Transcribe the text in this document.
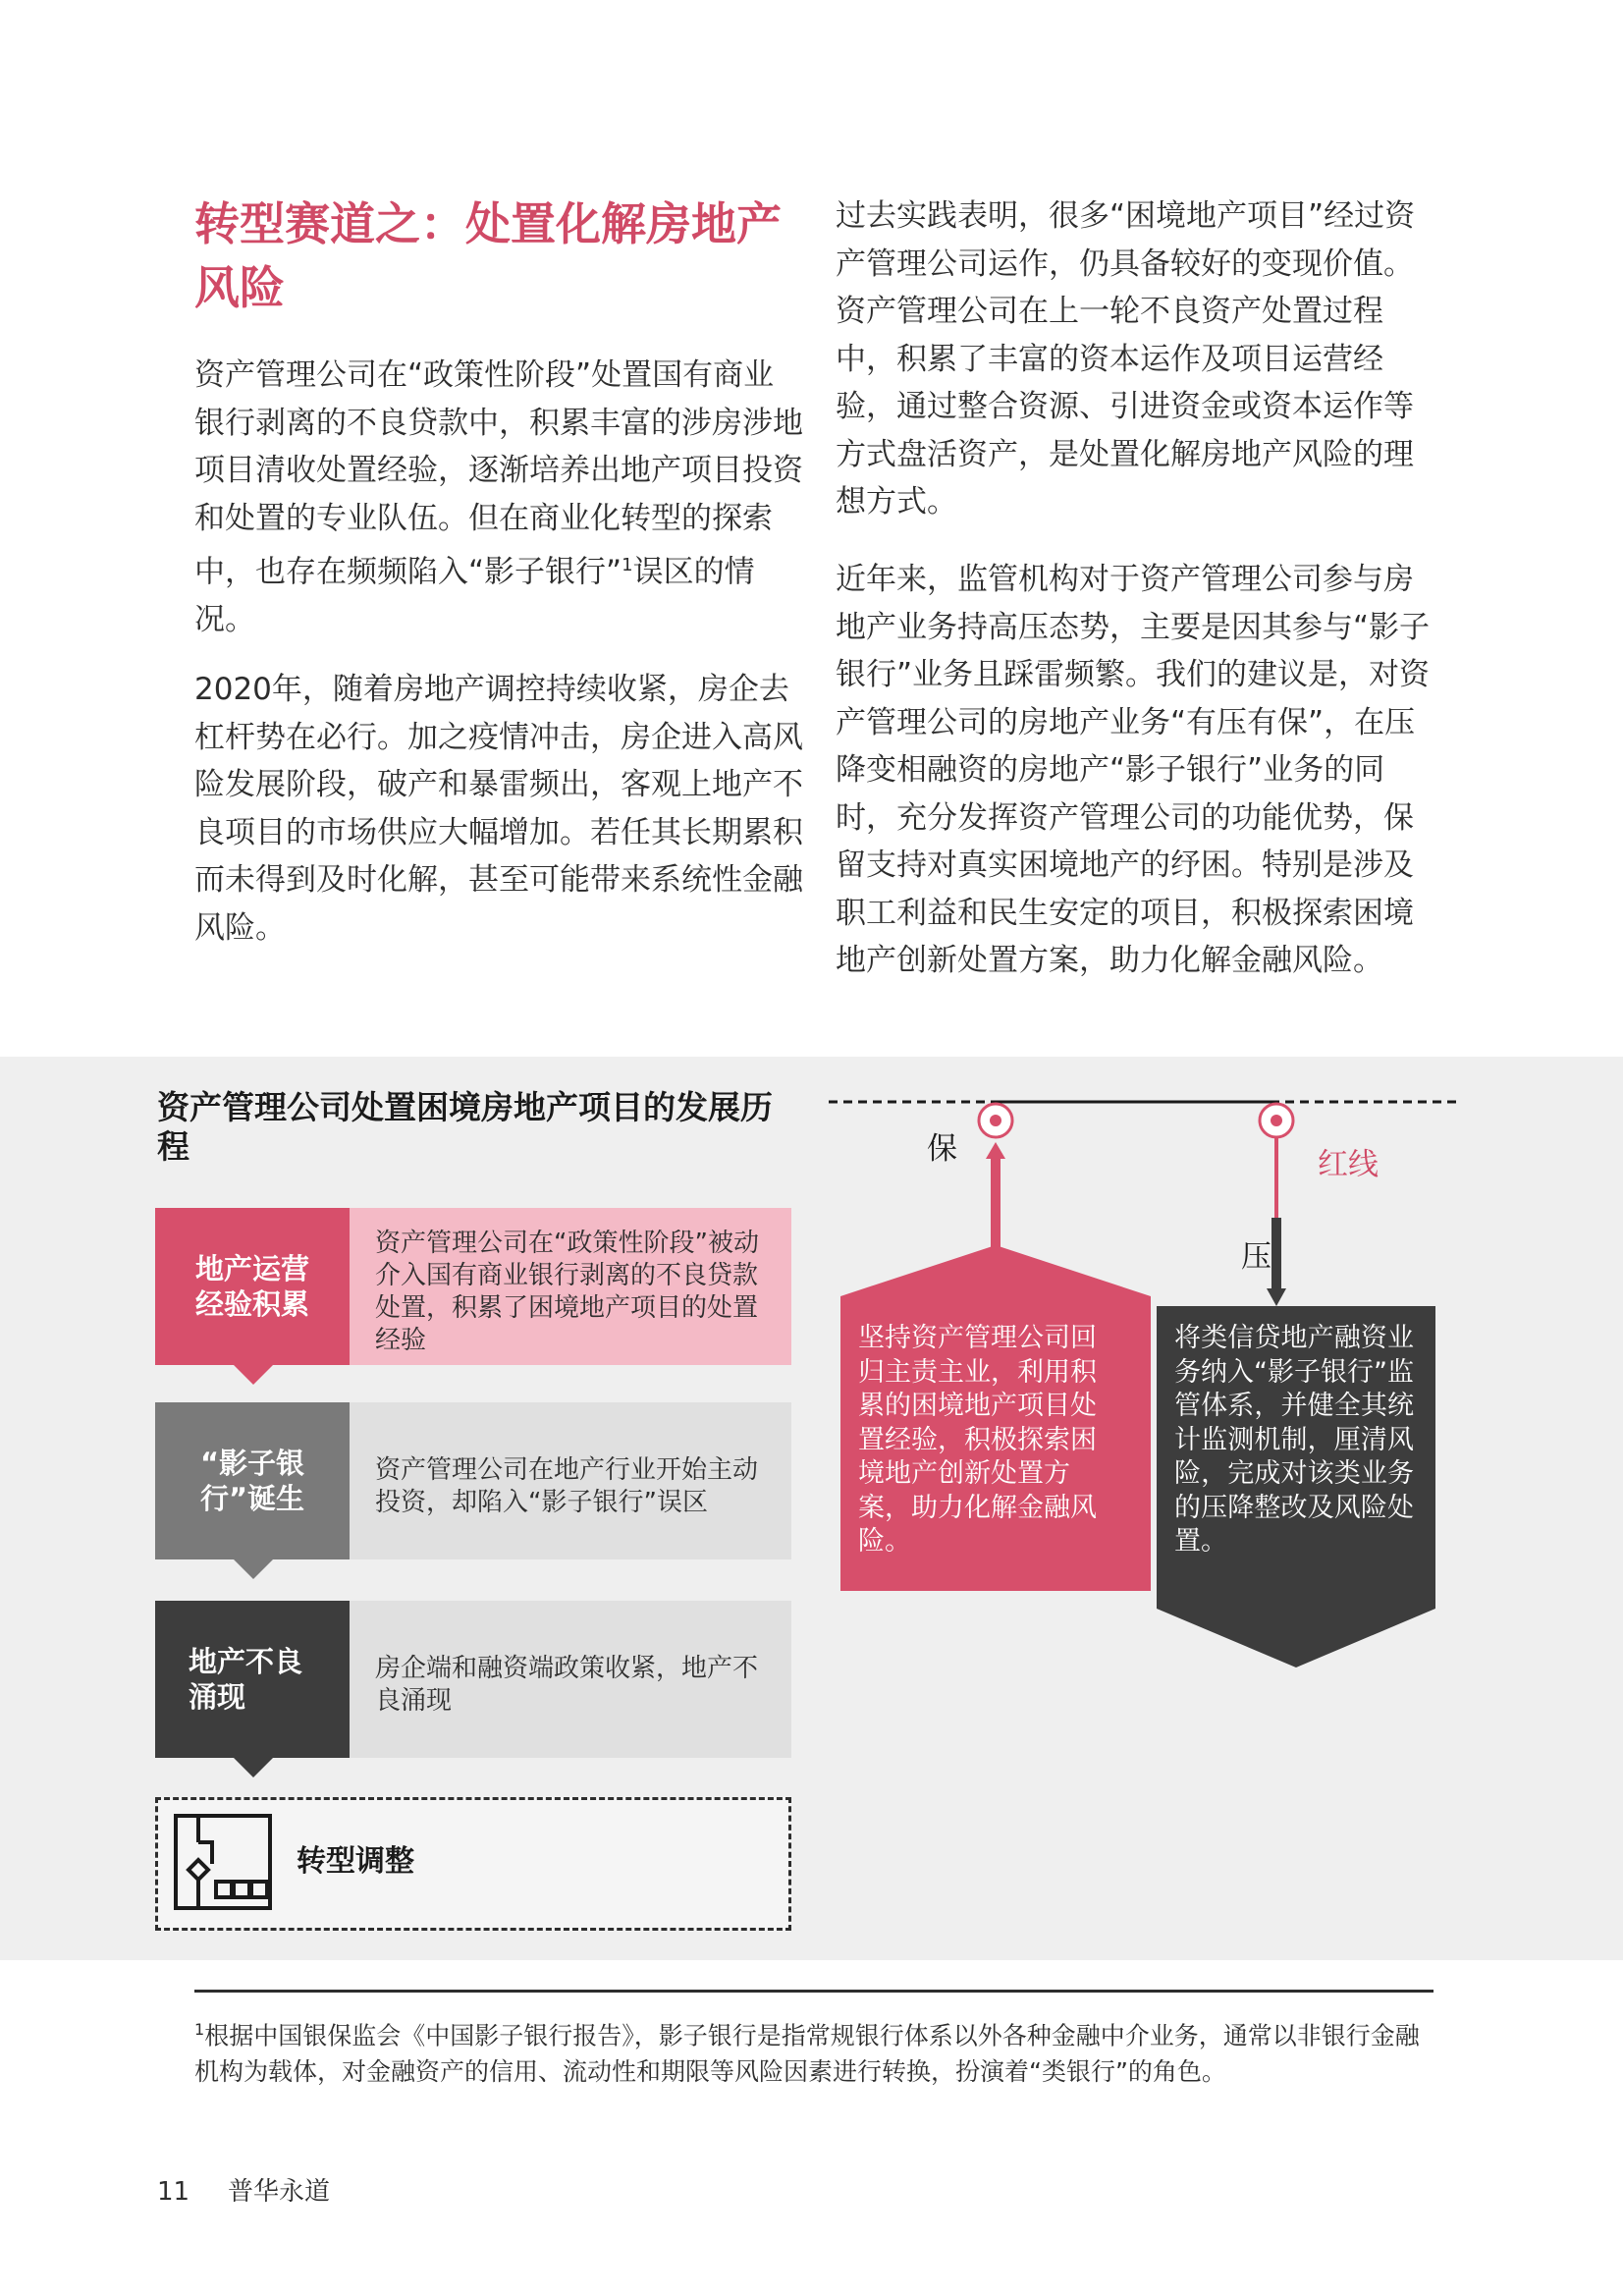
转型赛道之：处置化解房地产风险
资产管理公司在“政策性阶段”处置国有商业银行剥离的不良贷款中，积累丰富的涉房涉地项目清收处置经验，逐渐培养出地产项目投资和处置的专业队伍。但在商业化转型的探索中，也存在频频陷入“影子银行”$^1$误区的情况。
2020年，随着房地产调控持续收紧，房企去杠杆势在必行。加之疫情冲击，房企进入高风险发展阶段，破产和暴雷频出，客观上地产不良项目的市场供应大幅增加。若任其长期累积而未得到及时化解，甚至可能带来系统性金融风险。
过去实践表明，很多“困境地产项目”经过资产管理公司运作，仍具备较好的变现价值。资产管理公司在上一轮不良资产处置过程中，积累了丰富的资本运作及项目运营经验，通过整合资源、引进资金或资本运作等方式盘活资产，是处置化解房地产风险的理想方式。
近年来，监管机构对于资产管理公司参与房地产业务持高压态势，主要是因其参与“影子银行”业务且踩雷频繁。我们的建议是，对资产管理公司的房地产业务“有压有保”，在压降变相融资的房地产“影子银行”业务的同时，充分发挥资产管理公司的功能优势，保留支持对真实困境地产的纾困。特别是涉及职工利益和民生安定的项目，积极探索困境地产创新处置方案，助力化解金融风险。
资产管理公司处置困境房地产项目的发展历程
地产运营经验积累
资产管理公司在“政策性阶段”被动介入国有商业银行剥离的不良贷款处置，积累了困境地产项目的处置经验
“影子银行”诞生
资产管理公司在地产行业开始主动投资，却陷入“影子银行”误区
地产不良涌现
房企端和融资端政策收紧，地产不良涌现
转型调整
保
压
红线
坚持资产管理公司回归主责主业，利用积累的困境地产项目处置经验，积极探索困境地产创新处置方案，助力化解金融风险。
将类信贷地产融资业务纳入“影子银行”监管体系，并健全其统计监测机制，厘清风险，完成对该类业务的压降整改及风险处置。
$^1$根据中国银保监会《中国影子银行报告》，影子银行是指常规银行体系以外各种金融中介业务，通常以非银行金融机构为载体，对金融资产的信用、流动性和期限等风险因素进行转换，扮演着“类银行”的角色。
11 普华永道
